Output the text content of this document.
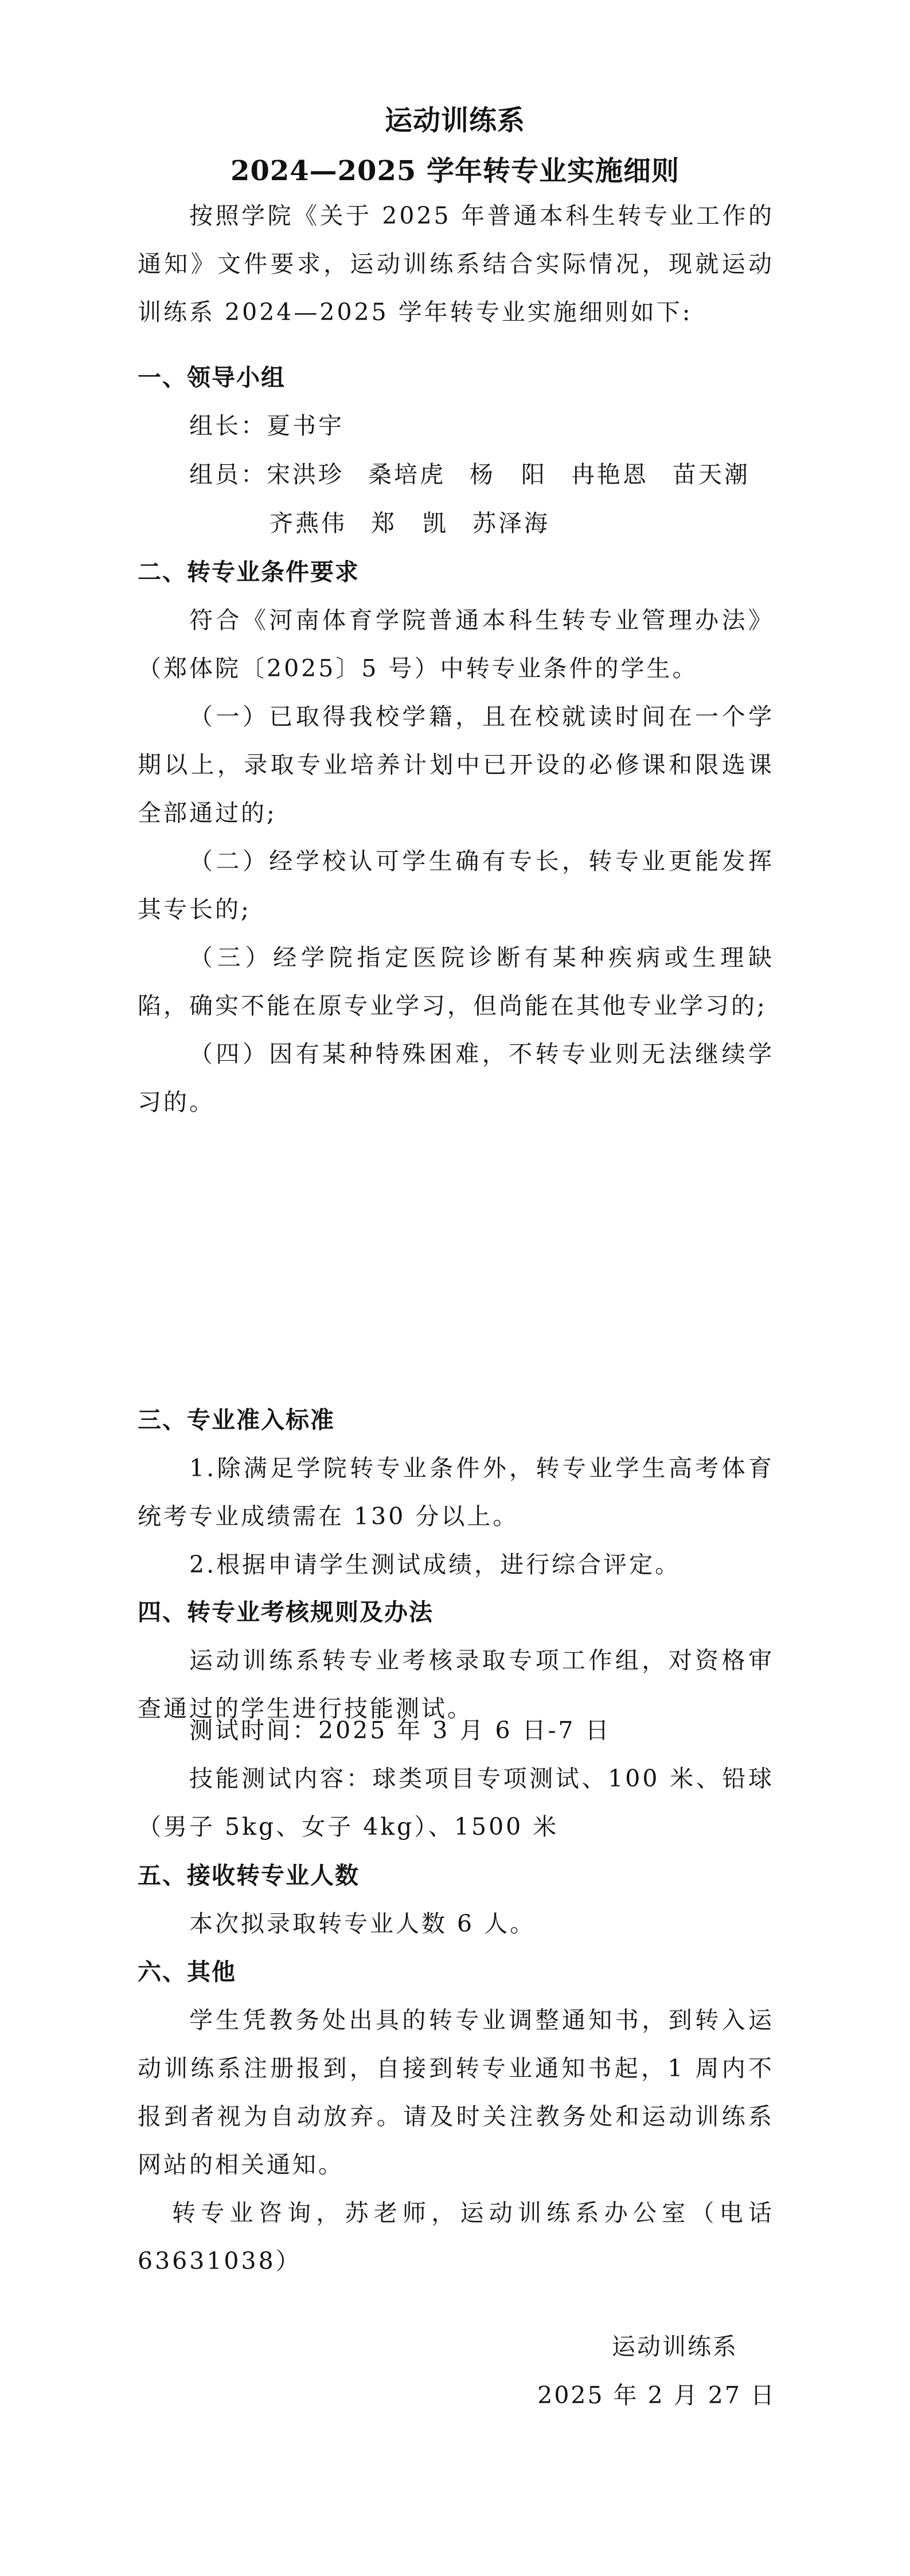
运动训练系
2024—2025 学年转专业实施细则
按照学院《关于 2025 年普通本科生转专业工作的通知》文件要求，运动训练系结合实际情况，现就运动训练系 2024—2025 学年转专业实施细则如下:
一、领导小组
组长：夏书宇
组员：宋洪珍 桑培虎 杨　阳 冉艳恩 苗天潮
齐燕伟 郑　凯 苏泽海
二、转专业条件要求
符合《河南体育学院普通本科生转专业管理办法》（郑体院〔2025〕5 号）中转专业条件的学生。
（一）已取得我校学籍，且在校就读时间在一个学期以上，录取专业培养计划中已开设的必修课和限选课全部通过的;
（二）经学校认可学生确有专长，转专业更能发挥其专长的;
（三）经学院指定医院诊断有某种疾病或生理缺陷，确实不能在原专业学习，但尚能在其他专业学习的;
（四）因有某种特殊困难，不转专业则无法继续学习的。
三、专业准入标准
1.除满足学院转专业条件外，转专业学生高考体育统考专业成绩需在 130 分以上。
2.根据申请学生测试成绩，进行综合评定。
四、转专业考核规则及办法
运动训练系转专业考核录取专项工作组，对资格审查通过的学生进行技能测试。
测试时间：2025 年 3 月 6 日-7 日
技能测试内容：球类项目专项测试、100 米、铅球（男子 5kg、女子 4kg）、1500 米
五、接收转专业人数
本次拟录取转专业人数 6 人。
六、其他
学生凭教务处出具的转专业调整通知书，到转入运动训练系注册报到，自接到转专业通知书起，1 周内不报到者视为自动放弃。请及时关注教务处和运动训练系网站的相关通知。
转专业咨询，苏老师，运动训练系办公室（电话 63631038）
运动训练系
2025 年 2 月 27 日
